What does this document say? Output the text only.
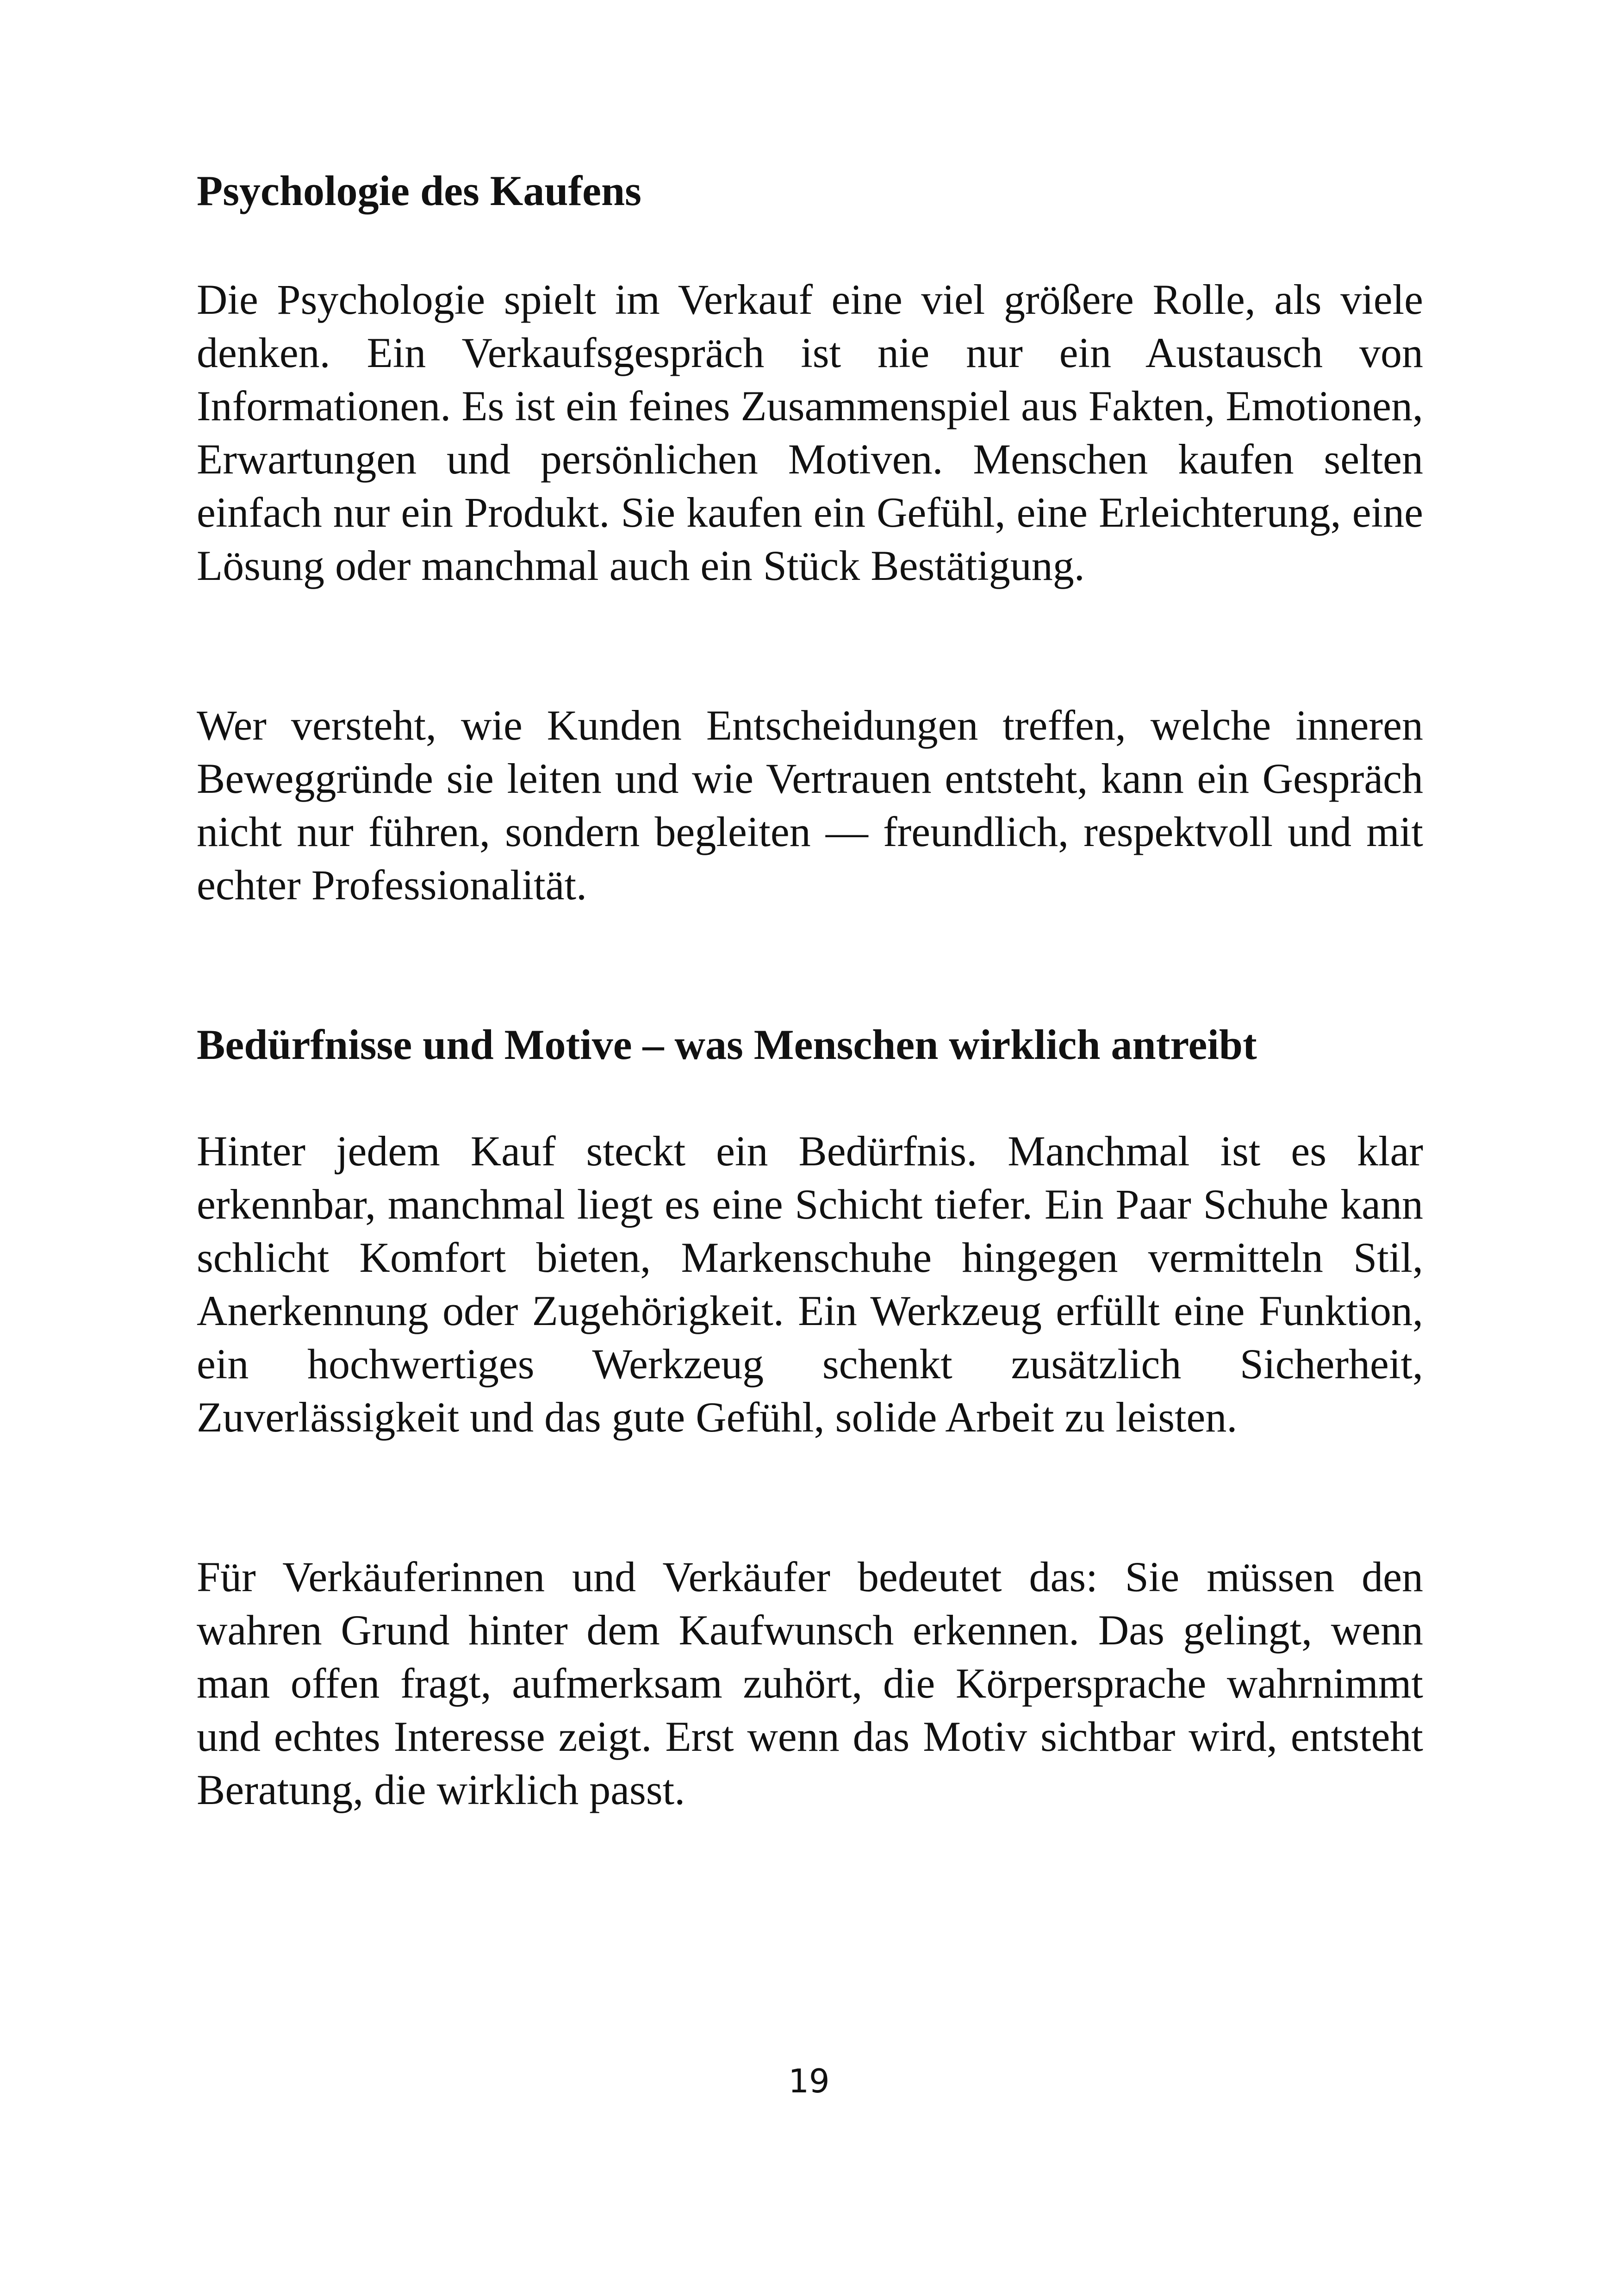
Psychologie des Kaufens

Die Psychologie spielt im Verkauf eine viel größere Rolle, als viele denken. Ein Verkaufsgespräch ist nie nur ein Austausch von Informationen. Es ist ein feines Zusammenspiel aus Fakten, Emotionen, Erwartungen und persönlichen Motiven. Menschen kaufen selten einfach nur ein Produkt. Sie kaufen ein Gefühl, eine Erleichterung, eine Lösung oder manchmal auch ein Stück Bestätigung.

Wer versteht, wie Kunden Entscheidungen treffen, welche inneren Beweggründe sie leiten und wie Vertrauen entsteht, kann ein Gespräch nicht nur führen, sondern begleiten — freundlich, respektvoll und mit echter Professionalität.

Bedürfnisse und Motive – was Menschen wirklich antreibt

Hinter jedem Kauf steckt ein Bedürfnis. Manchmal ist es klar erkennbar, manchmal liegt es eine Schicht tiefer. Ein Paar Schuhe kann schlicht Komfort bieten, Markenschuhe hingegen vermitteln Stil, Anerkennung oder Zugehörigkeit. Ein Werkzeug erfüllt eine Funktion, ein hochwertiges Werkzeug schenkt zusätzlich Sicherheit, Zuverlässigkeit und das gute Gefühl, solide Arbeit zu leisten.

Für Verkäuferinnen und Verkäufer bedeutet das: Sie müssen den wahren Grund hinter dem Kaufwunsch erkennen. Das gelingt, wenn man offen fragt, aufmerksam zuhört, die Körpersprache wahrnimmt und echtes Interesse zeigt. Erst wenn das Motiv sichtbar wird, entsteht Beratung, die wirklich passt.

19
